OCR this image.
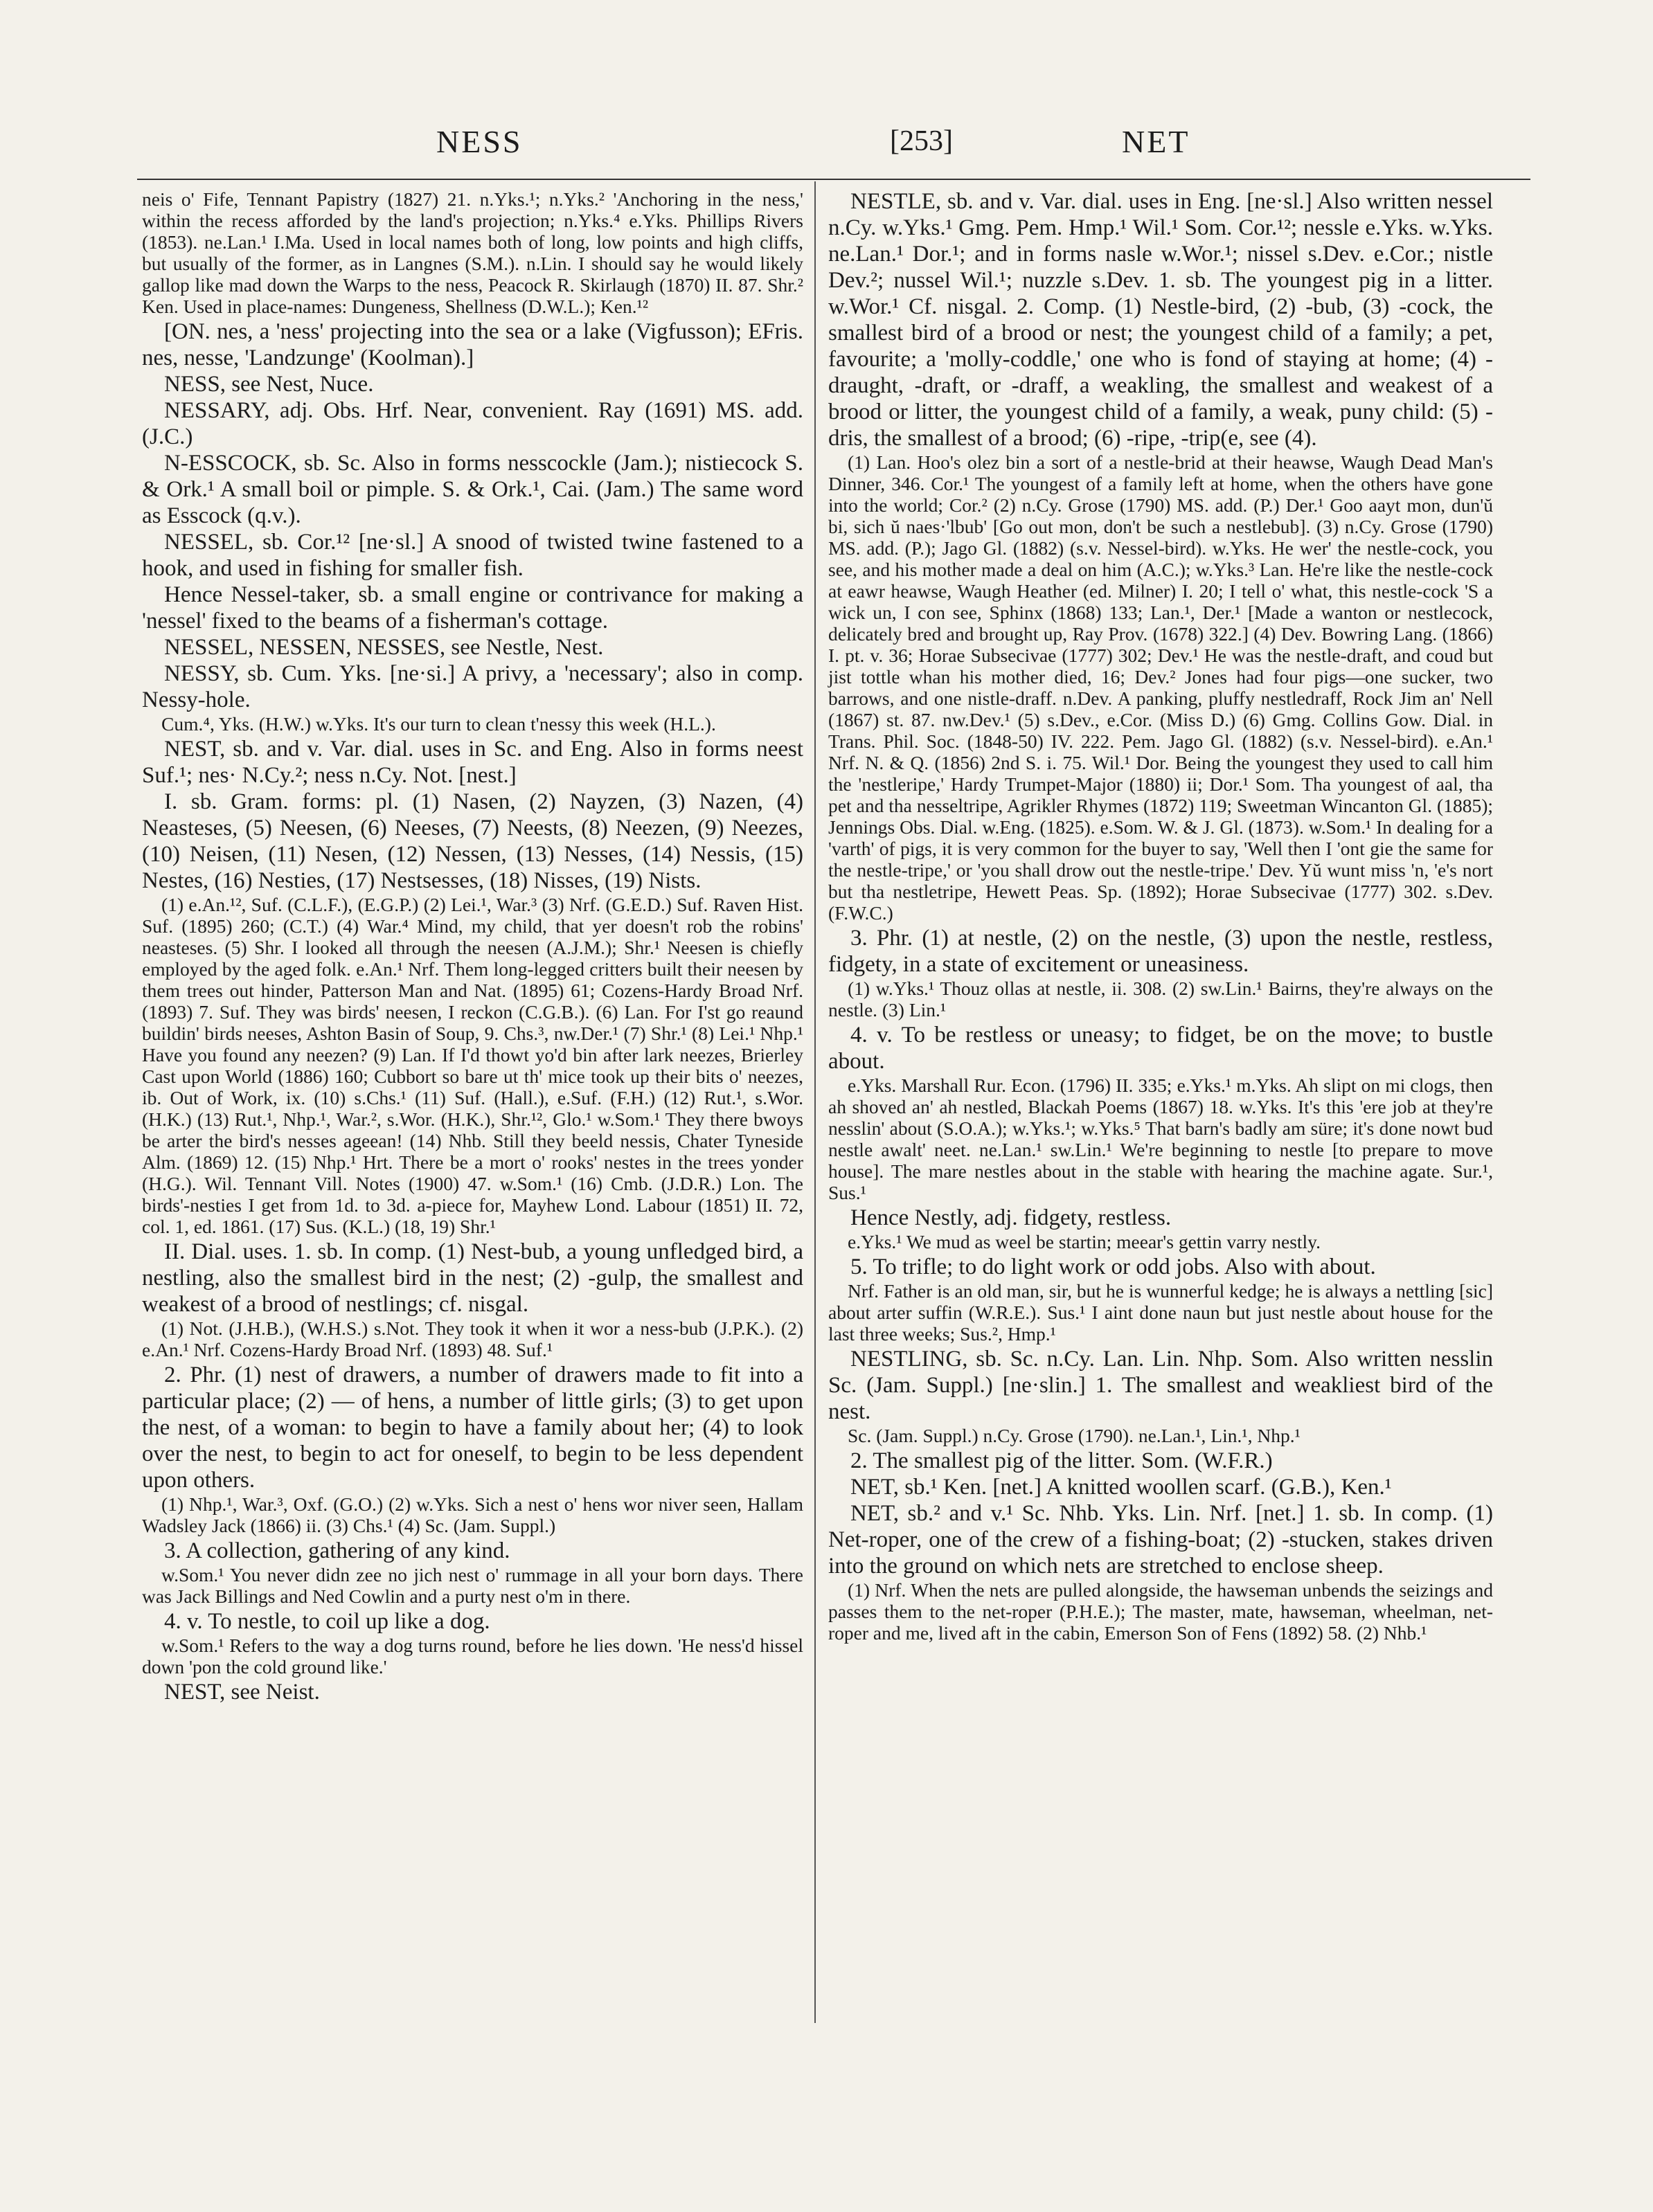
NESS	[253]	NET

neis o' Fife, Tennant Papistry (1827) 21. n.Yks.¹; n.Yks.² 'Anchoring in the ness,' within the recess afforded by the land's projection; n.Yks.⁴ e.Yks. Phillips Rivers (1853). ne.Lan.¹ I.Ma. Used in local names both of long, low points and high cliffs, but usually of the former, as in Langnes (S.M.). n.Lin. I should say he would likely gallop like mad down the Warps to the ness, Peacock R. Skirlaugh (1870) II. 87. Shr.² Ken. Used in place-names: Dungeness, Shellness (D.W.L.); Ken.¹²

[ON. nes, a 'ness' projecting into the sea or a lake (Vigfusson); EFris. nes, nesse, 'Landzunge' (Koolman).]

NESS, see Nest, Nuce.

NESSARY, adj. Obs. Hrf. Near, convenient. Ray (1691) MS. add. (J.C.)

N-ESSCOCK, sb. Sc. Also in forms nesscockle (Jam.); nistiecock S. & Ork.¹ A small boil or pimple. S. & Ork.¹, Cai. (Jam.) The same word as Esscock (q.v.).

NESSEL, sb. Cor.¹² [ne·sl.] A snood of twisted twine fastened to a hook, and used in fishing for smaller fish.

Hence Nessel-taker, sb. a small engine or contrivance for making a 'nessel' fixed to the beams of a fisherman's cottage.

NESSEL, NESSEN, NESSES, see Nestle, Nest.

NESSY, sb. Cum. Yks. [ne·si.] A privy, a 'necessary'; also in comp. Nessy-hole.

Cum.⁴, Yks. (H.W.) w.Yks. It's our turn to clean t'nessy this week (H.L.).

NEST, sb. and v. Var. dial. uses in Sc. and Eng. Also in forms neest Suf.¹; nes· N.Cy.²; ness n.Cy. Not. [nest.]

I. sb. Gram. forms: pl. (1) Nasen, (2) Nayzen, (3) Nazen, (4) Neasteses, (5) Neesen, (6) Neeses, (7) Neests, (8) Neezen, (9) Neezes, (10) Neisen, (11) Nesen, (12) Nessen, (13) Nesses, (14) Nessis, (15) Nestes, (16) Nesties, (17) Nestsesses, (18) Nisses, (19) Nists.

(1) e.An.¹², Suf. (C.L.F.), (E.G.P.) (2) Lei.¹, War.³ (3) Nrf. (G.E.D.) Suf. Raven Hist. Suf. (1895) 260; (C.T.) (4) War.⁴ Mind, my child, that yer doesn't rob the robins' neasteses. (5) Shr. I looked all through the neesen (A.J.M.); Shr.¹ Neesen is chiefly employed by the aged folk. e.An.¹ Nrf. Them long-legged critters built their neesen by them trees out hinder, Patterson Man and Nat. (1895) 61; Cozens-Hardy Broad Nrf. (1893) 7. Suf. They was birds' neesen, I reckon (C.G.B.). (6) Lan. For I'st go reaund buildin' birds neeses, Ashton Basin of Soup, 9. Chs.³, nw.Der.¹ (7) Shr.¹ (8) Lei.¹ Nhp.¹ Have you found any neezen? (9) Lan. If I'd thowt yo'd bin after lark neezes, Brierley Cast upon World (1886) 160; Cubbort so bare ut th' mice took up their bits o' neezes, ib. Out of Work, ix. (10) s.Chs.¹ (11) Suf. (Hall.), e.Suf. (F.H.) (12) Rut.¹, s.Wor. (H.K.) (13) Rut.¹, Nhp.¹, War.², s.Wor. (H.K.), Shr.¹², Glo.¹ w.Som.¹ They there bwoys be arter the bird's nesses ageean! (14) Nhb. Still they beeld nessis, Chater Tyneside Alm. (1869) 12. (15) Nhp.¹ Hrt. There be a mort o' rooks' nestes in the trees yonder (H.G.). Wil. Tennant Vill. Notes (1900) 47. w.Som.¹ (16) Cmb. (J.D.R.) Lon. The birds'-nesties I get from 1d. to 3d. a-piece for, Mayhew Lond. Labour (1851) II. 72, col. 1, ed. 1861. (17) Sus. (K.L.) (18, 19) Shr.¹

II. Dial. uses. 1. sb. In comp. (1) Nest-bub, a young unfledged bird, a nestling, also the smallest bird in the nest; (2) -gulp, the smallest and weakest of a brood of nestlings; cf. nisgal.

(1) Not. (J.H.B.), (W.H.S.) s.Not. They took it when it wor a ness-bub (J.P.K.). (2) e.An.¹ Nrf. Cozens-Hardy Broad Nrf. (1893) 48. Suf.¹

2. Phr. (1) nest of drawers, a number of drawers made to fit into a particular place; (2) — of hens, a number of little girls; (3) to get upon the nest, of a woman: to begin to have a family about her; (4) to look over the nest, to begin to act for oneself, to begin to be less dependent upon others.

(1) Nhp.¹, War.³, Oxf. (G.O.) (2) w.Yks. Sich a nest o' hens wor niver seen, Hallam Wadsley Jack (1866) ii. (3) Chs.¹ (4) Sc. (Jam. Suppl.)

3. A collection, gathering of any kind.

w.Som.¹ You never didn zee no jich nest o' rummage in all your born days. There was Jack Billings and Ned Cowlin and a purty nest o'm in there.

4. v. To nestle, to coil up like a dog.

w.Som.¹ Refers to the way a dog turns round, before he lies down. 'He ness'd hissel down 'pon the cold ground like.'

NEST, see Neist.

NESTLE, sb. and v. Var. dial. uses in Eng. [ne·sl.] Also written nessel n.Cy. w.Yks.¹ Gmg. Pem. Hmp.¹ Wil.¹ Som. Cor.¹²; nessle e.Yks. w.Yks. ne.Lan.¹ Dor.¹; and in forms nasle w.Wor.¹; nissel s.Dev. e.Cor.; nistle Dev.²; nussel Wil.¹; nuzzle s.Dev. 1. sb. The youngest pig in a litter. w.Wor.¹ Cf. nisgal. 2. Comp. (1) Nestle-bird, (2) -bub, (3) -cock, the smallest bird of a brood or nest; the youngest child of a family; a pet, favourite; a 'molly-coddle,' one who is fond of staying at home; (4) -draught, -draft, or -draff, a weakling, the smallest and weakest of a brood or litter, the youngest child of a family, a weak, puny child: (5) -dris, the smallest of a brood; (6) -ripe, -trip(e, see (4).

(1) Lan. Hoo's olez bin a sort of a nestle-brid at their heawse, Waugh Dead Man's Dinner, 346. Cor.¹ The youngest of a family left at home, when the others have gone into the world; Cor.² (2) n.Cy. Grose (1790) MS. add. (P.) Der.¹ Goo aayt mon, dun'ŭ bi, sich ŭ naes·'lbub' [Go out mon, don't be such a nestlebub]. (3) n.Cy. Grose (1790) MS. add. (P.); Jago Gl. (1882) (s.v. Nessel-bird). w.Yks. He wer' the nestle-cock, you see, and his mother made a deal on him (A.C.); w.Yks.³ Lan. He're like the nestle-cock at eawr heawse, Waugh Heather (ed. Milner) I. 20; I tell o' what, this nestle-cock 'S a wick un, I con see, Sphinx (1868) 133; Lan.¹, Der.¹ [Made a wanton or nestlecock, delicately bred and brought up, Ray Prov. (1678) 322.] (4) Dev. Bowring Lang. (1866) I. pt. v. 36; Horae Subsecivae (1777) 302; Dev.¹ He was the nestle-draft, and coud but jist tottle whan his mother died, 16; Dev.² Jones had four pigs—one sucker, two barrows, and one nistle-draff. n.Dev. A panking, pluffy nestledraff, Rock Jim an' Nell (1867) st. 87. nw.Dev.¹ (5) s.Dev., e.Cor. (Miss D.) (6) Gmg. Collins Gow. Dial. in Trans. Phil. Soc. (1848-50) IV. 222. Pem. Jago Gl. (1882) (s.v. Nessel-bird). e.An.¹ Nrf. N. & Q. (1856) 2nd S. i. 75. Wil.¹ Dor. Being the youngest they used to call him the 'nestleripe,' Hardy Trumpet-Major (1880) ii; Dor.¹ Som. Tha youngest of aal, tha pet and tha nesseltripe, Agrikler Rhymes (1872) 119; Sweetman Wincanton Gl. (1885); Jennings Obs. Dial. w.Eng. (1825). e.Som. W. & J. Gl. (1873). w.Som.¹ In dealing for a 'varth' of pigs, it is very common for the buyer to say, 'Well then I 'ont gie the same for the nestle-tripe,' or 'you shall drow out the nestle-tripe.' Dev. Yŭ wunt miss 'n, 'e's nort but tha nestletripe, Hewett Peas. Sp. (1892); Horae Subsecivae (1777) 302. s.Dev. (F.W.C.)

3. Phr. (1) at nestle, (2) on the nestle, (3) upon the nestle, restless, fidgety, in a state of excitement or uneasiness.

(1) w.Yks.¹ Thouz ollas at nestle, ii. 308. (2) sw.Lin.¹ Bairns, they're always on the nestle. (3) Lin.¹

4. v. To be restless or uneasy; to fidget, be on the move; to bustle about.

e.Yks. Marshall Rur. Econ. (1796) II. 335; e.Yks.¹ m.Yks. Ah slipt on mi clogs, then ah shoved an' ah nestled, Blackah Poems (1867) 18. w.Yks. It's this 'ere job at they're nesslin' about (S.O.A.); w.Yks.¹; w.Yks.⁵ That barn's badly am süre; it's done nowt bud nestle awalt' neet. ne.Lan.¹ sw.Lin.¹ We're beginning to nestle [to prepare to move house]. The mare nestles about in the stable with hearing the machine agate. Sur.¹, Sus.¹

Hence Nestly, adj. fidgety, restless.

e.Yks.¹ We mud as weel be startin; meear's gettin varry nestly.

5. To trifle; to do light work or odd jobs. Also with about.

Nrf. Father is an old man, sir, but he is wunnerful kedge; he is always a nettling [sic] about arter suffin (W.R.E.). Sus.¹ I aint done naun but just nestle about house for the last three weeks; Sus.², Hmp.¹

NESTLING, sb. Sc. n.Cy. Lan. Lin. Nhp. Som. Also written nesslin Sc. (Jam. Suppl.) [ne·slin.] 1. The smallest and weakliest bird of the nest.

Sc. (Jam. Suppl.) n.Cy. Grose (1790). ne.Lan.¹, Lin.¹, Nhp.¹

2. The smallest pig of the litter. Som. (W.F.R.)

NET, sb.¹ Ken. [net.] A knitted woollen scarf. (G.B.), Ken.¹

NET, sb.² and v.¹ Sc. Nhb. Yks. Lin. Nrf. [net.] 1. sb. In comp. (1) Net-roper, one of the crew of a fishing-boat; (2) -stucken, stakes driven into the ground on which nets are stretched to enclose sheep.

(1) Nrf. When the nets are pulled alongside, the hawseman unbends the seizings and passes them to the net-roper (P.H.E.); The master, mate, hawseman, wheelman, net-roper and me, lived aft in the cabin, Emerson Son of Fens (1892) 58. (2) Nhb.¹
